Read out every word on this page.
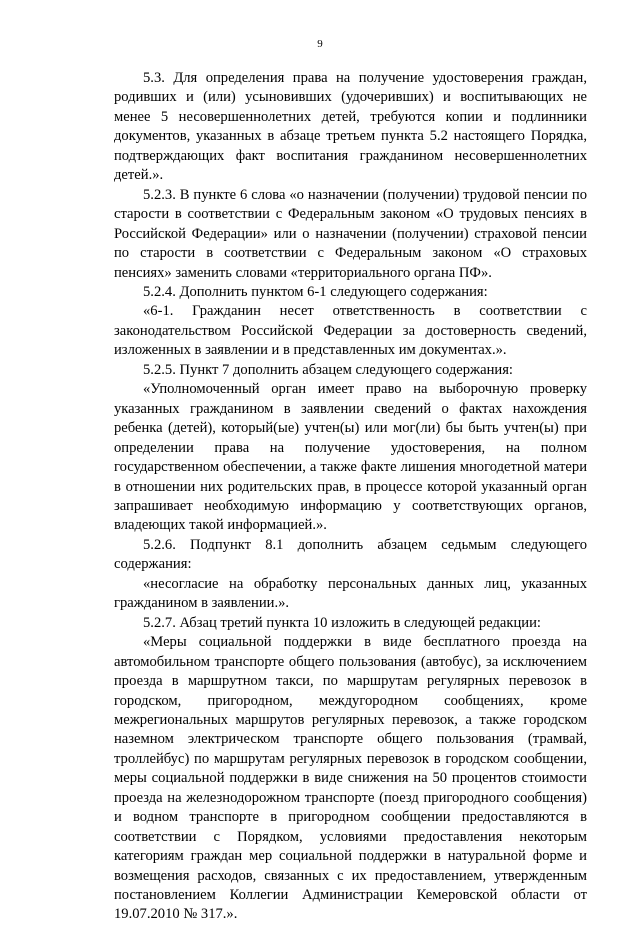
9

5.3. Для определения права на получение удостоверения граждан, родивших и (или) усыновивших (удочеривших) и воспитывающих не менее 5 несовершеннолетних детей, требуются копии и подлинники документов, указанных в абзаце третьем пункта 5.2 настоящего Порядка, подтверждающих факт воспитания гражданином несовершеннолетних детей.».

5.2.3. В пункте 6 слова «о назначении (получении) трудовой пенсии по старости в соответствии с Федеральным законом «О трудовых пенсиях в Российской Федерации» или о назначении (получении) страховой пенсии по старости в соответствии с Федеральным законом «О страховых пенсиях» заменить словами «территориального органа ПФ».

5.2.4. Дополнить пунктом 6-1 следующего содержания:

«6-1. Гражданин несет ответственность в соответствии с законодательством Российской Федерации за достоверность сведений, изложенных в заявлении и в представленных им документах.».

5.2.5. Пункт 7 дополнить абзацем следующего содержания:

«Уполномоченный орган имеет право на выборочную проверку указанных гражданином в заявлении сведений о фактах нахождения ребенка (детей), который(ые) учтен(ы) или мог(ли) бы быть учтен(ы) при определении права на получение удостоверения, на полном государственном обеспечении, а также факте лишения многодетной матери в отношении них родительских прав, в процессе которой указанный орган запрашивает необходимую информацию у соответствующих органов, владеющих такой информацией.».

5.2.6. Подпункт 8.1 дополнить абзацем седьмым следующего содержания:

«несогласие на обработку персональных данных лиц, указанных гражданином в заявлении.».

5.2.7. Абзац третий пункта 10 изложить в следующей редакции:

«Меры социальной поддержки в виде бесплатного проезда на автомобильном транспорте общего пользования (автобус), за исключением проезда в маршрутном такси, по маршрутам регулярных перевозок в городском, пригородном, междугородном сообщениях, кроме межрегиональных маршрутов регулярных перевозок, а также городском наземном электрическом транспорте общего пользования (трамвай, троллейбус) по маршрутам регулярных перевозок в городском сообщении, меры социальной поддержки в виде снижения на 50 процентов стоимости проезда на железнодорожном транспорте (поезд пригородного сообщения) и водном транспорте в пригородном сообщении предоставляются в соответствии с Порядком, условиями предоставления некоторым категориям граждан мер социальной поддержки в натуральной форме и возмещения расходов, связанных с их предоставлением, утвержденным постановлением Коллегии Администрации Кемеровской области от 19.07.2010 № 317.».
